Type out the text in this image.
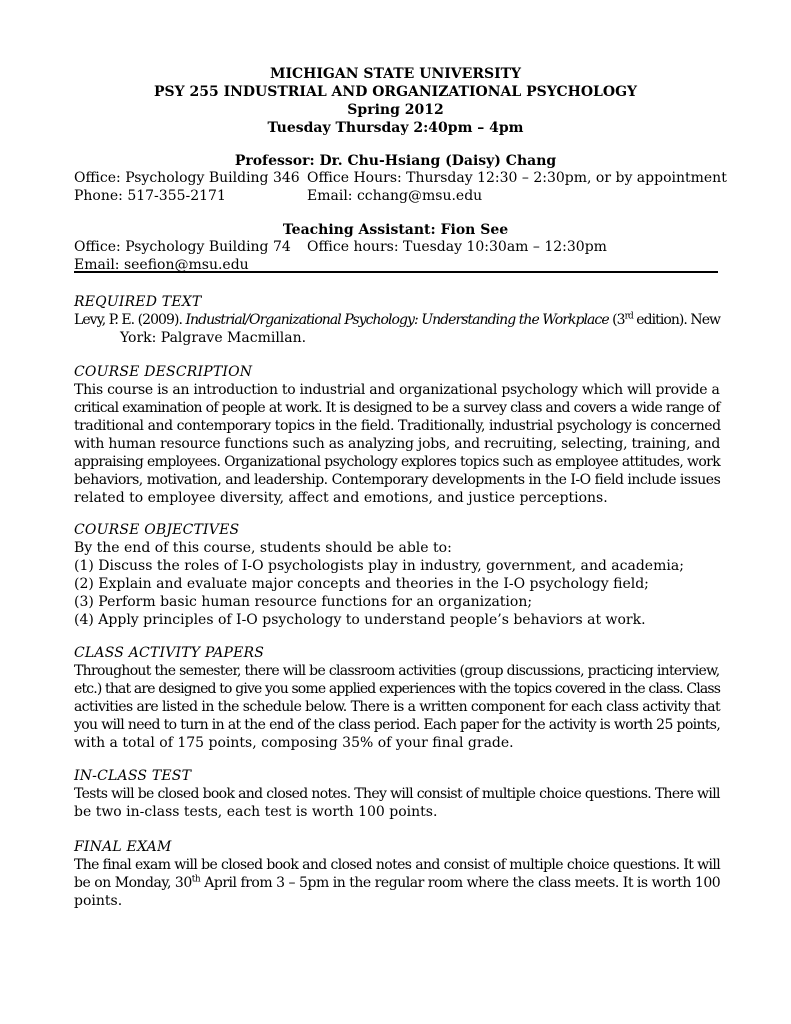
MICHIGAN STATE UNIVERSITY
PSY 255 INDUSTRIAL AND ORGANIZATIONAL PSYCHOLOGY
Spring 2012
Tuesday Thursday 2:40pm – 4pm
Professor: Dr. Chu-Hsiang (Daisy) Chang
Office: Psychology Building 346 Office Hours: Thursday 12:30 – 2:30pm, or by appointment
Phone: 517-355-2171	Email: cchang@msu.edu
Teaching Assistant: Fion See
Office: Psychology Building 74 Office hours: Tuesday 10:30am – 12:30pm
Email: seefion@msu.edu
REQUIRED TEXT
Levy, P. E. (2009). Industrial/Organizational Psychology: Understanding the Workplace (3rd edition). New
York: Palgrave Macmillan.
COURSE DESCRIPTION
This course is an introduction to industrial and organizational psychology which will provide a
critical examination of people at work. It is designed to be a survey class and covers a wide range of
traditional and contemporary topics in the field. Traditionally, industrial psychology is concerned
with human resource functions such as analyzing jobs, and recruiting, selecting, training, and
appraising employees. Organizational psychology explores topics such as employee attitudes, work
behaviors, motivation, and leadership. Contemporary developments in the I-O field include issues
related to employee diversity, affect and emotions, and justice perceptions.
COURSE OBJECTIVES
By the end of this course, students should be able to:
(1) Discuss the roles of I-O psychologists play in industry, government, and academia;
(2) Explain and evaluate major concepts and theories in the I-O psychology field;
(3) Perform basic human resource functions for an organization;
(4) Apply principles of I-O psychology to understand people’s behaviors at work.
CLASS ACTIVITY PAPERS
Throughout the semester, there will be classroom activities (group discussions, practicing interview,
etc.) that are designed to give you some applied experiences with the topics covered in the class. Class
activities are listed in the schedule below. There is a written component for each class activity that
you will need to turn in at the end of the class period. Each paper for the activity is worth 25 points,
with a total of 175 points, composing 35% of your final grade.
IN-CLASS TEST
Tests will be closed book and closed notes. They will consist of multiple choice questions. There will
be two in-class tests, each test is worth 100 points.
FINAL EXAM
The final exam will be closed book and closed notes and consist of multiple choice questions. It will
be on Monday, 30th April from 3 – 5pm in the regular room where the class meets. It is worth 100
points.
